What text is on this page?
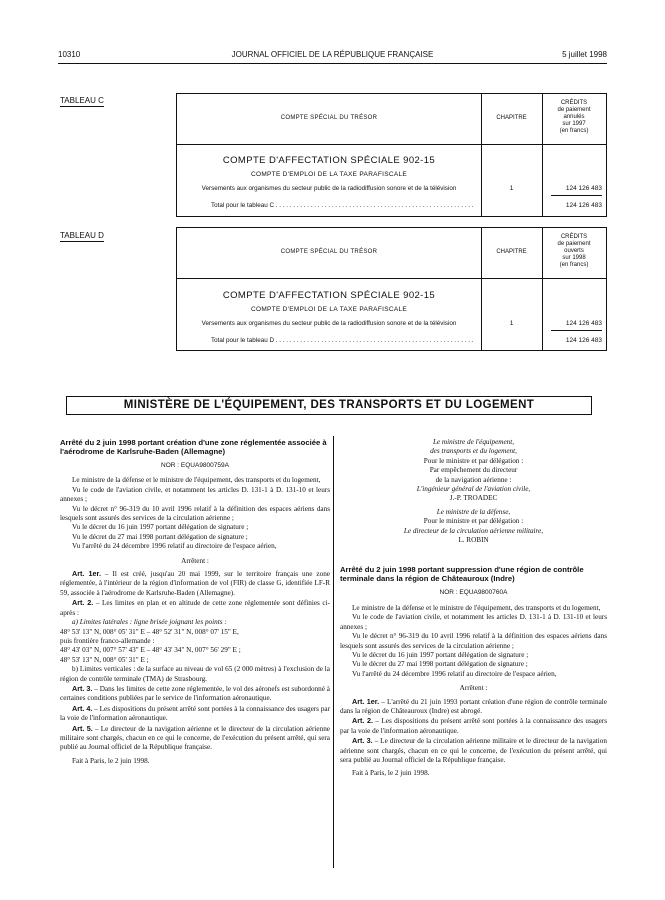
10310	JOURNAL OFFICIEL DE LA RÉPUBLIQUE FRANÇAISE	5 juillet 1998
TABLEAU C
COMPTE SPÉCIAL DU TRÉSOR	CHAPITRE
CRÉDITS
de paiement
annulés
sur 1997
(en francs)
COMPTE D'AFFECTATION SPÉCIALE 902-15
COMPTE D'EMPLOI DE LA TAXE PARAFISCALE
Versements aux organismes du secteur public de la radiodiffusion sonore et de la télévision	1	124 126 483
Total pour le tableau C . . . . . . . . . . . . . . . . . . . . . . . . . . . . . . . . . . . . . . . . . . . . . . . . . . . . . . . . .	124 126 483
TABLEAU D
COMPTE SPÉCIAL DU TRÉSOR	CHAPITRE
CRÉDITS
de paiement
ouverts
sur 1998
(en francs)
COMPTE D'AFFECTATION SPÉCIALE 902-15
COMPTE D'EMPLOI DE LA TAXE PARAFISCALE
Versements aux organismes du secteur public de la radiodiffusion sonore et de la télévision	1	124 126 483
Total pour le tableau D . . . . . . . . . . . . . . . . . . . . . . . . . . . . . . . . . . . . . . . . . . . . . . . . . . . . . . . . .	124 126 483
MINISTÈRE DE L'ÉQUIPEMENT, DES TRANSPORTS ET DU LOGEMENT

Arrêté du 2 juin 1998 portant création d'une zone réglementée associée à l'aérodrome de Karlsruhe-Baden (Allemagne)

NOR : EQUA9800759A

Le ministre de la défense et le ministre de l'équipement, des transports et du logement,

Vu le code de l'aviation civile, et notamment les articles D. 131-1 à D. 131-10 et leurs annexes ;

Vu le décret n° 96-319 du 10 avril 1996 relatif à la définition des espaces aériens dans lesquels sont assurés des services de la circulation aérienne ;

Vu le décret du 16 juin 1997 portant délégation de signature ;

Vu le décret du 27 mai 1998 portant délégation de signature ;

Vu l'arrêté du 24 décembre 1996 relatif au directoire de l'espace aérien,

Arrêtent :

Art. 1er. – Il est créé, jusqu'au 20 mai 1999, sur le territoire français une zone réglementée, à l'intérieur de la région d'information de vol (FIR) de classe G, identifiée LF-R 59, associée à l'aérodrome de Karlsruhe-Baden (Allemagne).

Art. 2. – Les limites en plan et en altitude de cette zone réglementée sont définies ci-après :

a) Limites latérales : ligne brisée joignant les points :

48° 53' 13" N, 008° 05' 31" E – 48° 52' 31" N, 008° 07' 15" E,

puis frontière franco-allemande :

48° 43' 03" N, 007° 57' 43" E – 48° 43' 34" N, 007° 56' 29" E ;

48° 53' 13" N, 008° 05' 31" E ;

b) Limites verticales : de la surface au niveau de vol 65 (2 000 mètres) à l'exclusion de la région de contrôle terminale (TMA) de Strasbourg.

Art. 3. – Dans les limites de cette zone réglementée, le vol des aéronefs est subordonné à certaines conditions publiées par le service de l'information aéronautique.

Art. 4. – Les dispositions du présent arrêté sont portées à la connaissance des usagers par la voie de l'information aéronautique.

Art. 5. – Le directeur de la navigation aérienne et le directeur de la circulation aérienne militaire sont chargés, chacun en ce qui le concerne, de l'exécution du présent arrêté, qui sera publié au Journal officiel de la République française.

Fait à Paris, le 2 juin 1998.

Le ministre de l'équipement,

des transports et du logement,

Pour le ministre et par délégation :

Par empêchement du directeur

de la navigation aérienne :

L'ingénieur général de l'aviation civile,

J.-P. TROADEC

Le ministre de la défense,

Pour le ministre et par délégation :

Le directeur de la circulation aérienne militaire,

L. ROBIN

Arrêté du 2 juin 1998 portant suppression d'une région de contrôle terminale dans la région de Châteauroux (Indre)

NOR : EQUA9800760A

Le ministre de la défense et le ministre de l'équipement, des transports et du logement,

Vu le code de l'aviation civile, et notamment les articles D. 131-1 à D. 131-10 et leurs annexes ;

Vu le décret n° 96-319 du 10 avril 1996 relatif à la définition des espaces aériens dans lesquels sont assurés des services de la circulation aérienne ;

Vu le décret du 16 juin 1997 portant délégation de signature ;

Vu le décret du 27 mai 1998 portant délégation de signature ;

Vu l'arrêté du 24 décembre 1996 relatif au directoire de l'espace aérien,

Arrêtent :

Art. 1er. – L'arrêté du 21 juin 1993 portant création d'une région de contrôle terminale dans la région de Châteauroux (Indre) est abrogé.

Art. 2. – Les dispositions du présent arrêté sont portées à la connaissance des usagers par la voie de l'information aéronautique.

Art. 3. – Le directeur de la circulation aérienne militaire et le directeur de la navigation aérienne sont chargés, chacun en ce qui le concerne, de l'exécution du présent arrêté, qui sera publié au Journal officiel de la République française.

Fait à Paris, le 2 juin 1998.
